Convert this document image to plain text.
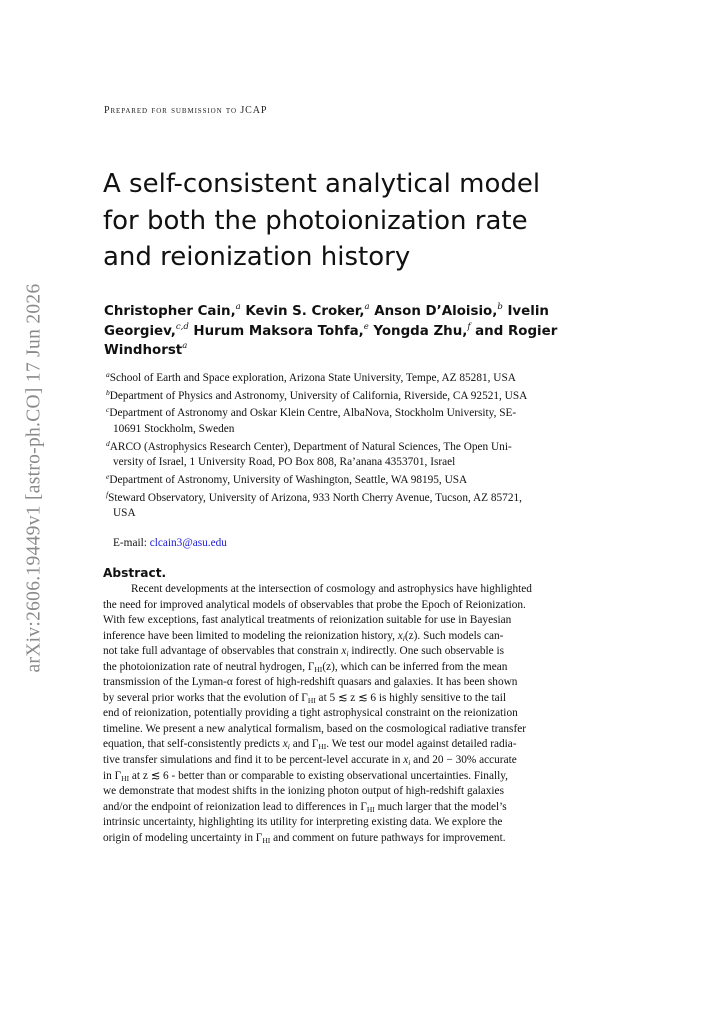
arXiv:2606.19449v1 [astro-ph.CO] 17 Jun 2026
Prepared for submission to JCAP
A self-consistent analytical model
for both the photoionization rate
and reionization history
Christopher Cain,$^a$ Kevin S. Croker,$^a$ Anson D’Aloisio,$^b$ Ivelin
Georgiev,$^{c,d}$ Hurum Maksora Tohfa,$^e$ Yongda Zhu,$^f$ and Rogier
Windhorst$^a$
$^a$School of Earth and Space exploration, Arizona State University, Tempe, AZ 85281, USA
$^b$Department of Physics and Astronomy, University of California, Riverside, CA 92521, USA
$^c$Department of Astronomy and Oskar Klein Centre, AlbaNova, Stockholm University, SE-
10691 Stockholm, Sweden
$^d$ARCO (Astrophysics Research Center), Department of Natural Sciences, The Open Uni-
versity of Israel, 1 University Road, PO Box 808, Ra’anana 4353701, Israel
$^e$Department of Astronomy, University of Washington, Seattle, WA 98195, USA
$^f$Steward Observatory, University of Arizona, 933 North Cherry Avenue, Tucson, AZ 85721,
USA
E-mail: clcain3@asu.edu
Abstract.
Recent developments at the intersection of cosmology and astrophysics have highlighted
the need for improved analytical models of observables that probe the Epoch of Reionization.
With few exceptions, fast analytical treatments of reionization suitable for use in Bayesian
inference have been limited to modeling the reionization history, $x_i(z)$. Such models can-
not take full advantage of observables that constrain $x_i$ indirectly. One such observable is
the photoionization rate of neutral hydrogen, $\Gamma_{HI}(z)$, which can be inferred from the mean
transmission of the Lyman-α forest of high-redshift quasars and galaxies. It has been shown
by several prior works that the evolution of $\Gamma_{HI}$ at 5 ≲ z ≲ 6 is highly sensitive to the tail
end of reionization, potentially providing a tight astrophysical constraint on the reionization
timeline. We present a new analytical formalism, based on the cosmological radiative transfer
equation, that self-consistently predicts $x_i$ and $\Gamma_{HI}$. We test our model against detailed radia-
tive transfer simulations and find it to be percent-level accurate in $x_i$ and 20 − 30% accurate
in $\Gamma_{HI}$ at z ≲ 6 - better than or comparable to existing observational uncertainties. Finally,
we demonstrate that modest shifts in the ionizing photon output of high-redshift galaxies
and/or the endpoint of reionization lead to differences in $\Gamma_{HI}$ much larger that the model’s
intrinsic uncertainty, highlighting its utility for interpreting existing data. We explore the
origin of modeling uncertainty in $\Gamma_{HI}$ and comment on future pathways for improvement.
